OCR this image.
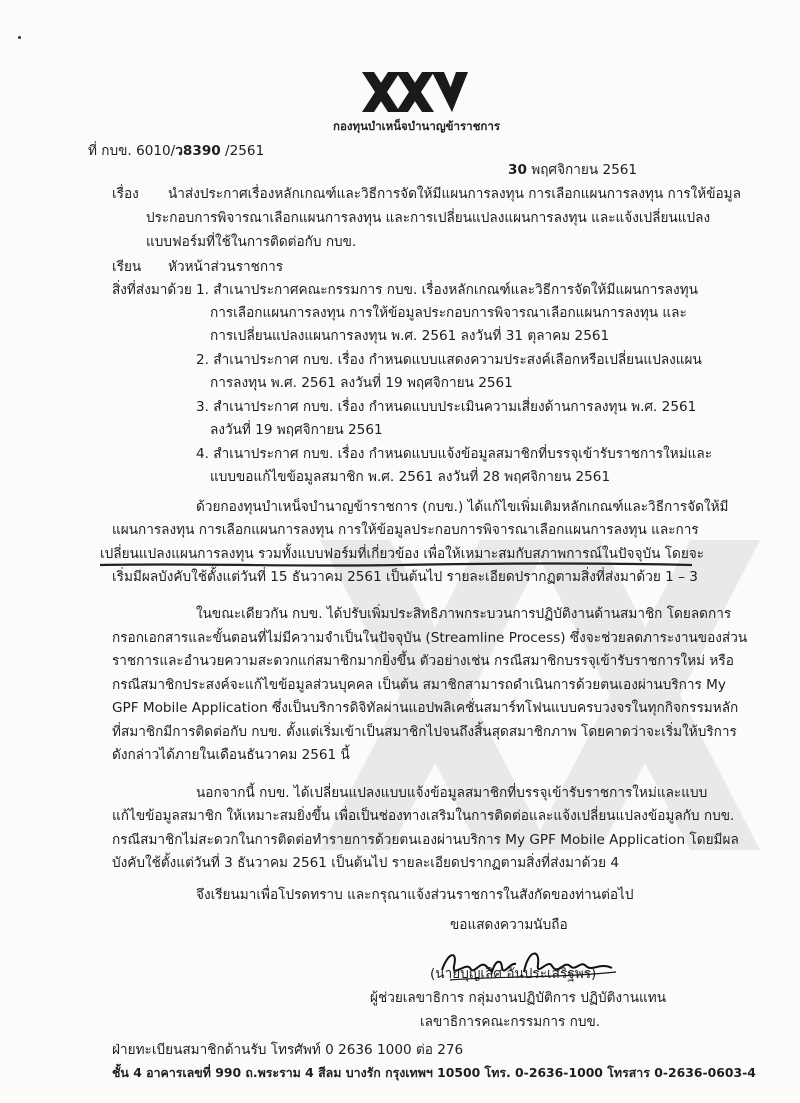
กองทุนบำเหน็จบำนาญข้าราชการ
ที่ กบข. 6010/ว8390 /2561
30 พฤศจิกายน 2561
เรื่อง นำส่งประกาศเรื่องหลักเกณฑ์และวิธีการจัดให้มีแผนการลงทุน การเลือกแผนการลงทุน การให้ข้อมูล
ประกอบการพิจารณาเลือกแผนการลงทุน และการเปลี่ยนแปลงแผนการลงทุน และแจ้งเปลี่ยนแปลง
แบบฟอร์มที่ใช้ในการติดต่อกับ กบข.
เรียน หัวหน้าส่วนราชการ
สิ่งที่ส่งมาด้วย 1. สำเนาประกาศคณะกรรมการ กบข. เรื่องหลักเกณฑ์และวิธีการจัดให้มีแผนการลงทุน
การเลือกแผนการลงทุน การให้ข้อมูลประกอบการพิจารณาเลือกแผนการลงทุน และ
การเปลี่ยนแปลงแผนการลงทุน พ.ศ. 2561 ลงวันที่ 31 ตุลาคม 2561
2. สำเนาประกาศ กบข. เรื่อง กำหนดแบบแสดงความประสงค์เลือกหรือเปลี่ยนแปลงแผน
การลงทุน พ.ศ. 2561 ลงวันที่ 19 พฤศจิกายน 2561
3. สำเนาประกาศ กบข. เรื่อง กำหนดแบบประเมินความเสี่ยงด้านการลงทุน พ.ศ. 2561
ลงวันที่ 19 พฤศจิกายน 2561
4. สำเนาประกาศ กบข. เรื่อง กำหนดแบบแจ้งข้อมูลสมาชิกที่บรรจุเข้ารับราชการใหม่และ
แบบขอแก้ไขข้อมูลสมาชิก พ.ศ. 2561 ลงวันที่ 28 พฤศจิกายน 2561
ด้วยกองทุนบำเหน็จบำนาญข้าราชการ (กบข.) ได้แก้ไขเพิ่มเติมหลักเกณฑ์และวิธีการจัดให้มี
แผนการลงทุน การเลือกแผนการลงทุน การให้ข้อมูลประกอบการพิจารณาเลือกแผนการลงทุน และการ
เปลี่ยนแปลงแผนการลงทุน รวมทั้งแบบฟอร์มที่เกี่ยวข้อง เพื่อให้เหมาะสมกับสภาพการณ์ในปัจจุบัน โดยจะ
เริ่มมีผลบังคับใช้ตั้งแต่วันที่ 15 ธันวาคม 2561 เป็นต้นไป รายละเอียดปรากฏตามสิ่งที่ส่งมาด้วย 1 – 3
ในขณะเดียวกัน กบข. ได้ปรับเพิ่มประสิทธิภาพกระบวนการปฏิบัติงานด้านสมาชิก โดยลดการ
กรอกเอกสารและขั้นตอนที่ไม่มีความจำเป็นในปัจจุบัน (Streamline Process) ซึ่งจะช่วยลดภาระงานของส่วน
ราชการและอำนวยความสะดวกแก่สมาชิกมากยิ่งขึ้น ตัวอย่างเช่น กรณีสมาชิกบรรจุเข้ารับราชการใหม่ หรือ
กรณีสมาชิกประสงค์จะแก้ไขข้อมูลส่วนบุคคล เป็นต้น สมาชิกสามารถดำเนินการด้วยตนเองผ่านบริการ My
GPF Mobile Application ซึ่งเป็นบริการดิจิทัลผ่านแอปพลิเคชั่นสมาร์ทโฟนแบบครบวงจรในทุกกิจกรรมหลัก
ที่สมาชิกมีการติดต่อกับ กบข. ตั้งแต่เริ่มเข้าเป็นสมาชิกไปจนถึงสิ้นสุดสมาชิกภาพ โดยคาดว่าจะเริ่มให้บริการ
ดังกล่าวได้ภายในเดือนธันวาคม 2561 นี้
นอกจากนี้ กบข. ได้เปลี่ยนแปลงแบบแจ้งข้อมูลสมาชิกที่บรรจุเข้ารับราชการใหม่และแบบ
แก้ไขข้อมูลสมาชิก ให้เหมาะสมยิ่งขึ้น เพื่อเป็นช่องทางเสริมในการติดต่อและแจ้งเปลี่ยนแปลงข้อมูลกับ กบข.
กรณีสมาชิกไม่สะดวกในการติดต่อทำรายการด้วยตนเองผ่านบริการ My GPF Mobile Application โดยมีผล
บังคับใช้ตั้งแต่วันที่ 3 ธันวาคม 2561 เป็นต้นไป รายละเอียดปรากฏตามสิ่งที่ส่งมาด้วย 4
จึงเรียนมาเพื่อโปรดทราบ และกรุณาแจ้งส่วนราชการในสังกัดของท่านต่อไป
ขอแสดงความนับถือ
(นายบุญเลิศ อันประเสริฐพร)
ผู้ช่วยเลขาธิการ กลุ่มงานปฏิบัติการ ปฏิบัติงานแทน
เลขาธิการคณะกรรมการ กบข.
ฝ่ายทะเบียนสมาชิกด้านรับ โทรศัพท์ 0 2636 1000 ต่อ 276
ชั้น 4 อาคารเลขที่ 990 ถ.พระราม 4 สีลม บางรัก กรุงเทพฯ 10500 โทร. 0-2636-1000 โทรสาร 0-2636-0603-4
